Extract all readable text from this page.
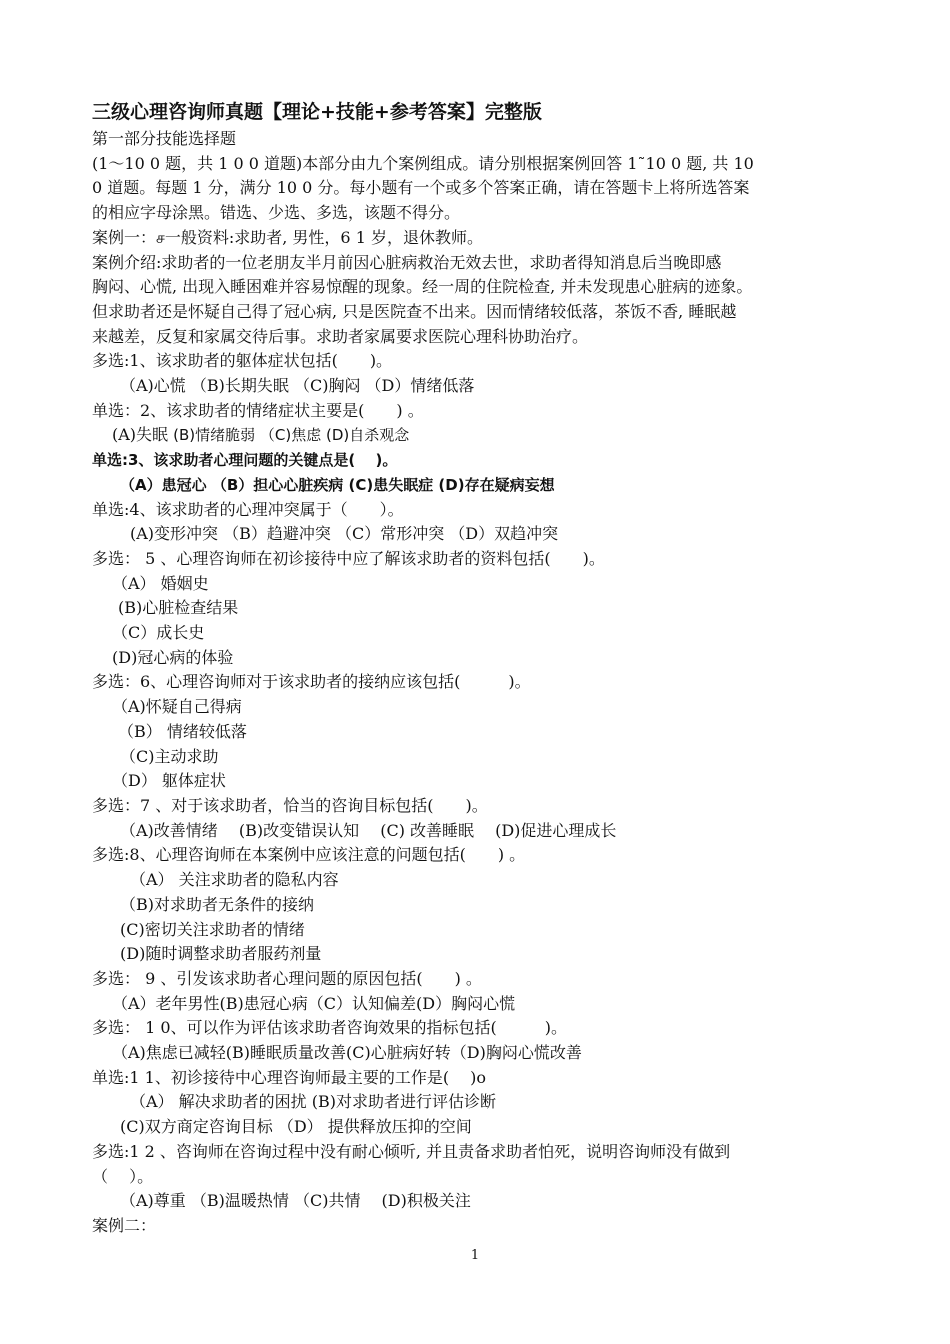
三级心理咨询师真题【理论+技能+参考答案】完整版

第一部分技能选择题

(1～10 0 题，共 1 0 0 道题)本部分由九个案例组成。请分别根据案例回答 1˜10 0 题, 共 10

0 道题。每题 1 分，满分 10 0 分。每小题有一个或多个答案正确，请在答题卡上将所选答案

的相应字母涂黑。错选、少选、多选，该题不得分。

案例一：ச一般资料:求助者, 男性，6 1 岁，退休教师。

案例介绍:求助者的一位老朋友半月前因心脏病救治无效去世，求助者得知消息后当晚即感

胸闷、心慌, 出现入睡困难并容易惊醒的现象。经一周的住院检查, 并未发现患心脏病的迹象。

但求助者还是怀疑自己得了冠心病, 只是医院查不出来。因而情绪较低落，茶饭不香, 睡眠越

来越差，反复和家属交待后事。求助者家属要求医院心理科协助治疗。

多选:1、该求助者的躯体症状包括(　　)。

（A)心慌 （B)长期失眠 （C)胸闷 （D）情绪低落

单选：2、该求助者的情绪症状主要是(　　) 。

(A)失眠 (B)情绪脆弱 （C)焦虑 (D)自杀观念

单选:3、该求助者心理问题的关键点是(　 )。

（A）患冠心 （B）担心心脏疾病 (C)患失眠症 (D)存在疑病妄想

单选:4、该求助者的心理冲突属于（　　）。

(A)变形冲突 （B）趋避冲突 （C）常形冲突 （D）双趋冲突

多选： 5 、心理咨询师在初诊接待中应了解该求助者的资料包括(　　)。

（A） 婚姻史

(B)心脏检查结果

（C）成长史

(D)冠心病的体验

多选：6、心理咨询师对于该求助者的接纳应该包括(　　　)。

（A)怀疑自己得病

（B） 情绪较低落

（C)主动求助

（D） 躯体症状

多选：7 、对于该求助者，恰当的咨询目标包括(　　)。

（A)改善情绪 　(B)改变错误认知 　(C) 改善睡眠 　(D)促进心理成长

多选:8、心理咨询师在本案例中应该注意的问题包括(　　) 。

（A） 关注求助者的隐私内容

（B)对求助者无条件的接纳

(C)密切关注求助者的情绪

(D)随时调整求助者服药剂量

多选： 9 、引发该求助者心理问题的原因包括(　　) 。

（A）老年男性(B)患冠心病（C）认知偏差(D）胸闷心慌

多选： 1 0、可以作为评估该求助者咨询效果的指标包括(　　　)。

（A)焦虑已减轻(B)睡眠质量改善(C)心脏病好转（D)胸闷心慌改善

单选:1 1、初诊接待中心理咨询师最主要的工作是(　 )o

（A） 解决求助者的困扰 (B)对求助者进行评估诊断

(C)双方商定咨询目标 （D） 提供释放压抑的空间

多选:1 2 、咨询师在咨询过程中没有耐心倾听, 并且责备求助者怕死，说明咨询师没有做到

（　 ）。

（A)尊重 （B)温暖热情 （C)共情 　(D)积极关注

案例二：

1
